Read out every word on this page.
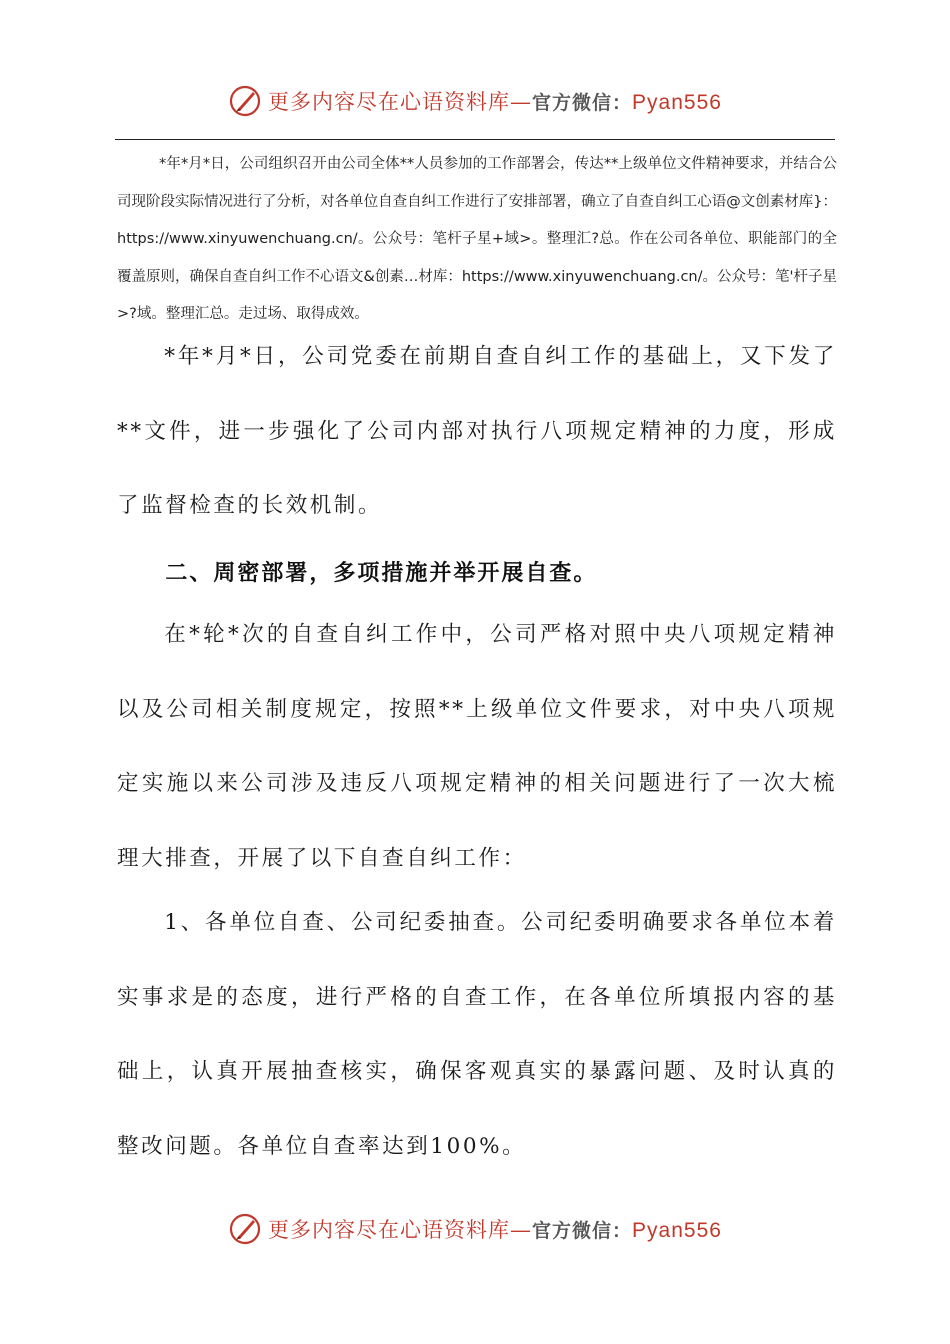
更多内容尽在心语资料库—官方微信：Pyan556

*年*月*日，公司组织召开由公司全体**人员参加的工作部署会，传达**上级单位文件精神要求，并结合公司现阶段实际情况进行了分析，对各单位自查自纠工作进行了安排部署，确立了自查自纠工心语@文创素材库}：https://www.xinyuwenchuang.cn/。公众号：笔杆子星+域>。整理汇?总。作在公司各单位、职能部门的全覆盖原则，确保自查自纠工作不心语文&创素…材库：https://www.xinyuwenchuang.cn/。公众号：笔'杆子星>?域。整理汇总。走过场、取得成效。

*年*月*日，公司党委在前期自查自纠工作的基础上，又下发了**文件，进一步强化了公司内部对执行八项规定精神的力度，形成了监督检查的长效机制。

二、周密部署，多项措施并举开展自查。

在*轮*次的自查自纠工作中，公司严格对照中央八项规定精神以及公司相关制度规定，按照**上级单位文件要求，对中央八项规定实施以来公司涉及违反八项规定精神的相关问题进行了一次大梳理大排查，开展了以下自查自纠工作：

1、各单位自查、公司纪委抽查。公司纪委明确要求各单位本着实事求是的态度，进行严格的自查工作，在各单位所填报内容的基础上，认真开展抽查核实，确保客观真实的暴露问题、及时认真的整改问题。各单位自查率达到100%。

更多内容尽在心语资料库—官方微信：Pyan556
